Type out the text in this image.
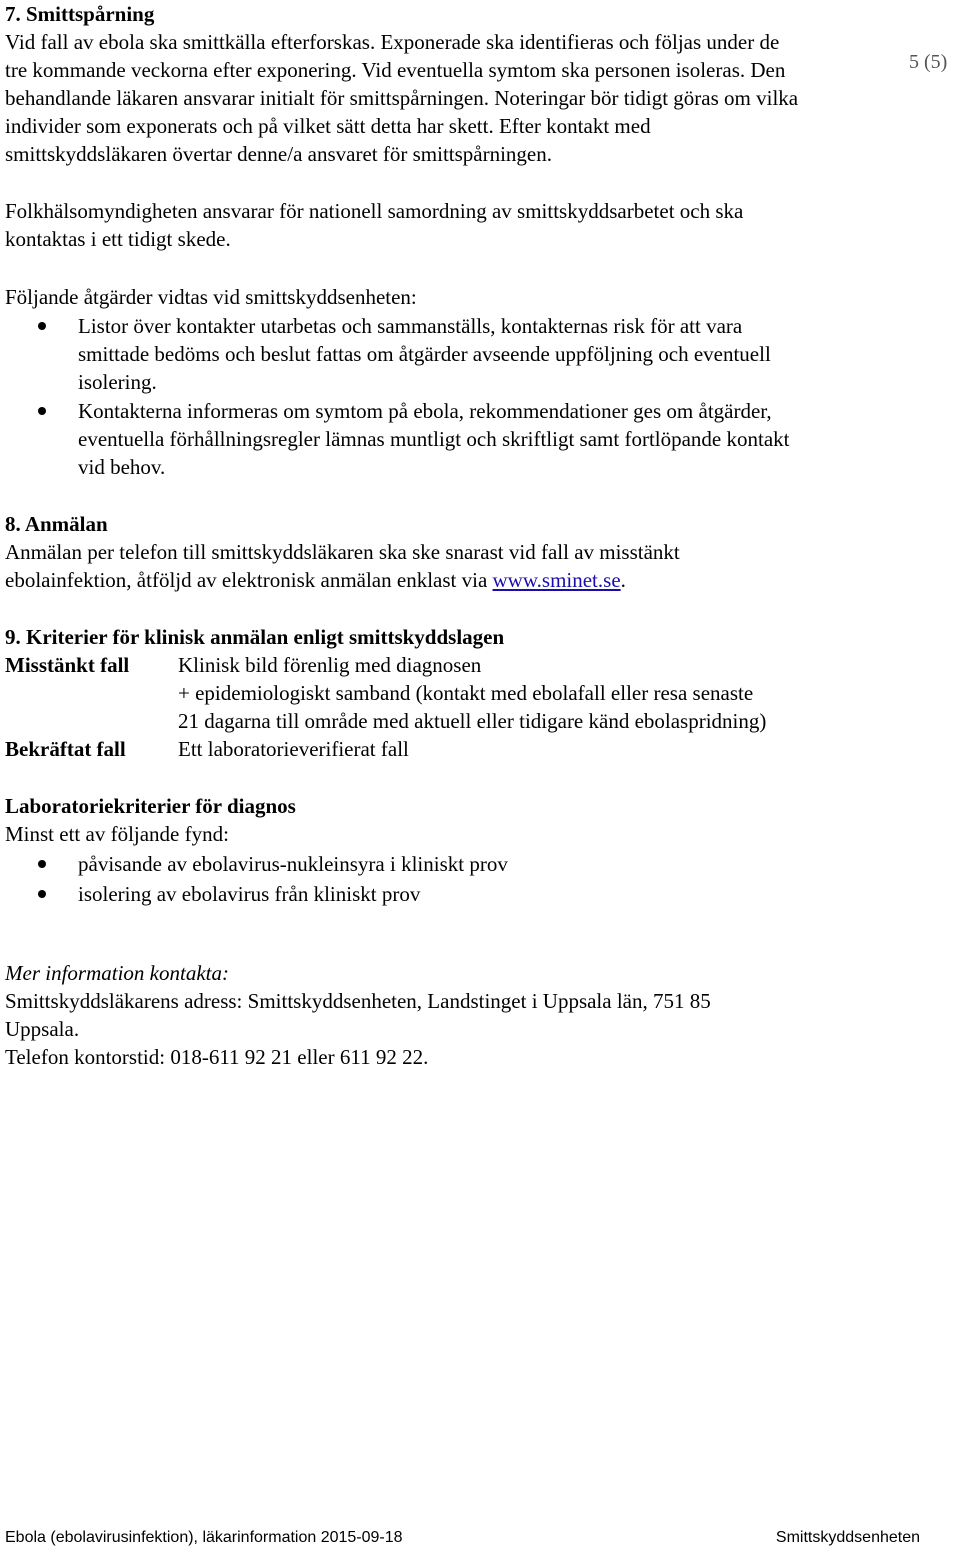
7. Smittspårning
5 (5)
Vid fall av ebola ska smittkälla efterforskas. Exponerade ska identifieras och följas under de
tre kommande veckorna efter exponering. Vid eventuella symtom ska personen isoleras. Den
behandlande läkaren ansvarar initialt för smittspårningen. Noteringar bör tidigt göras om vilka
individer som exponerats och på vilket sätt detta har skett. Efter kontakt med
smittskyddsläkaren övertar denne/a ansvaret för smittspårningen.
Folkhälsomyndigheten ansvarar för nationell samordning av smittskyddsarbetet och ska
kontaktas i ett tidigt skede.
Följande åtgärder vidtas vid smittskyddsenheten:
Listor över kontakter utarbetas och sammanställs, kontakternas risk för att vara
smittade bedöms och beslut fattas om åtgärder avseende uppföljning och eventuell
isolering.
Kontakterna informeras om symtom på ebola, rekommendationer ges om åtgärder,
eventuella förhållningsregler lämnas muntligt och skriftligt samt fortlöpande kontakt
vid behov.
8. Anmälan
Anmälan per telefon till smittskyddsläkaren ska ske snarast vid fall av misstänkt
ebolainfektion, åtföljd av elektronisk anmälan enklast via www.sminet.se.
9. Kriterier för klinisk anmälan enligt smittskyddslagen
Misstänkt fall Klinisk bild förenlig med diagnosen
+ epidemiologiskt samband (kontakt med ebolafall eller resa senaste
21 dagarna till område med aktuell eller tidigare känd ebolaspridning)
Bekräftat fall Ett laboratorieverifierat fall
Laboratoriekriterier för diagnos
Minst ett av följande fynd:
påvisande av ebolavirus-nukleinsyra i kliniskt prov
isolering av ebolavirus från kliniskt prov
Mer information kontakta:
Smittskyddsläkarens adress: Smittskyddsenheten, Landstinget i Uppsala län, 751 85
Uppsala.
Telefon kontorstid: 018-611 92 21 eller 611 92 22.
Ebola (ebolavirusinfektion), läkarinformation 2015-09-18	Smittskyddsenheten
